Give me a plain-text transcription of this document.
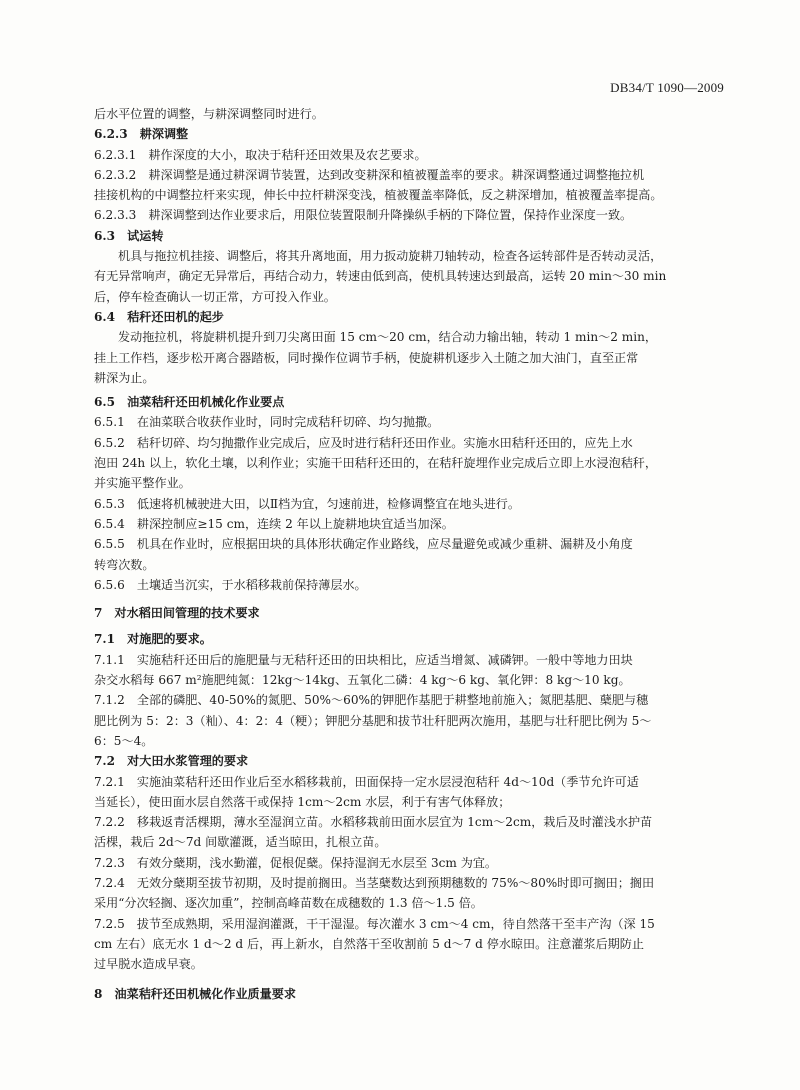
DB34/T 1090—2009
后水平位置的调整，与耕深调整同时进行。
6.2.3　耕深调整
6.2.3.1　耕作深度的大小，取决于秸秆还田效果及农艺要求。
6.2.3.2　耕深调整是通过耕深调节装置，达到改变耕深和植被覆盖率的要求。耕深调整通过调整拖拉机
挂接机构的中调整拉杆来实现，伸长中拉杆耕深变浅，植被覆盖率降低，反之耕深增加，植被覆盖率提高。
6.2.3.3　耕深调整到达作业要求后，用限位装置限制升降操纵手柄的下降位置，保持作业深度一致。
6.3　试运转
机具与拖拉机挂接、调整后，将其升离地面，用力扳动旋耕刀轴转动，检查各运转部件是否转动灵活，
有无异常响声，确定无异常后，再结合动力，转速由低到高，使机具转速达到最高，运转 20 min～30 min
后，停车检查确认一切正常，方可投入作业。
6.4　秸秆还田机的起步
发动拖拉机，将旋耕机提升到刀尖离田面 15 cm～20 cm，结合动力输出轴，转动 1 min～2 min，
挂上工作档，逐步松开离合器踏板，同时操作位调节手柄，使旋耕机逐步入土随之加大油门，直至正常
耕深为止。
6.5　油菜秸秆还田机械化作业要点
6.5.1　在油菜联合收获作业时，同时完成秸秆切碎、均匀抛撒。
6.5.2　秸秆切碎、均匀抛撒作业完成后，应及时进行秸秆还田作业。实施水田秸秆还田的，应先上水
泡田 24h 以上，软化土壤，以利作业；实施干田秸秆还田的，在秸秆旋埋作业完成后立即上水浸泡秸秆，
并实施平整作业。
6.5.3　低速将机械驶进大田，以Ⅱ档为宜，匀速前进，检修调整宜在地头进行。
6.5.4　耕深控制应≥15 cm，连续 2 年以上旋耕地块宜适当加深。
6.5.5　机具在作业时，应根据田块的具体形状确定作业路线，应尽量避免或减少重耕、漏耕及小角度
转弯次数。
6.5.6　土壤适当沉实，于水稻移栽前保持薄层水。
7　对水稻田间管理的技术要求
7.1　对施肥的要求。
7.1.1　实施秸秆还田后的施肥量与无秸秆还田的田块相比，应适当增氮、减磷钾。一般中等地力田块
杂交水稻每 667 m²施肥纯氮：12kg～14kg、五氧化二磷：4 kg～6 kg、氧化钾：8 kg～10 kg。
7.1.2　全部的磷肥、40-50%的氮肥、50%～60%的钾肥作基肥于耕整地前施入；氮肥基肥、蘖肥与穗
肥比例为 5：2：3（籼）、4：2：4（粳）；钾肥分基肥和拔节壮秆肥两次施用，基肥与壮秆肥比例为 5～
6：5～4。
7.2　对大田水浆管理的要求
7.2.1　实施油菜秸秆还田作业后至水稻移栽前，田面保持一定水层浸泡秸秆 4d～10d（季节允许可适
当延长），使田面水层自然落干或保持 1cm～2cm 水层，利于有害气体释放；
7.2.2　移栽返青活棵期，薄水至湿润立苗。水稻移栽前田面水层宜为 1cm～2cm，栽后及时灌浅水护苗
活棵，栽后 2d～7d 间歇灌溉，适当晾田，扎根立苗。
7.2.3　有效分蘖期，浅水勤灌，促根促蘖。保持湿润无水层至 3cm 为宜。
7.2.4　无效分蘖期至拔节初期，及时提前搁田。当茎蘖数达到预期穗数的 75%～80%时即可搁田；搁田
采用“分次轻搁、逐次加重”，控制高峰苗数在成穗数的 1.3 倍～1.5 倍。
7.2.5　拔节至成熟期，采用湿润灌溉，干干湿湿。每次灌水 3 cm～4 cm，待自然落干至丰产沟（深 15
cm 左右）底无水 1 d～2 d 后，再上新水，自然落干至收割前 5 d～7 d 停水晾田。注意灌浆后期防止
过早脱水造成早衰。
8　油菜秸秆还田机械化作业质量要求
